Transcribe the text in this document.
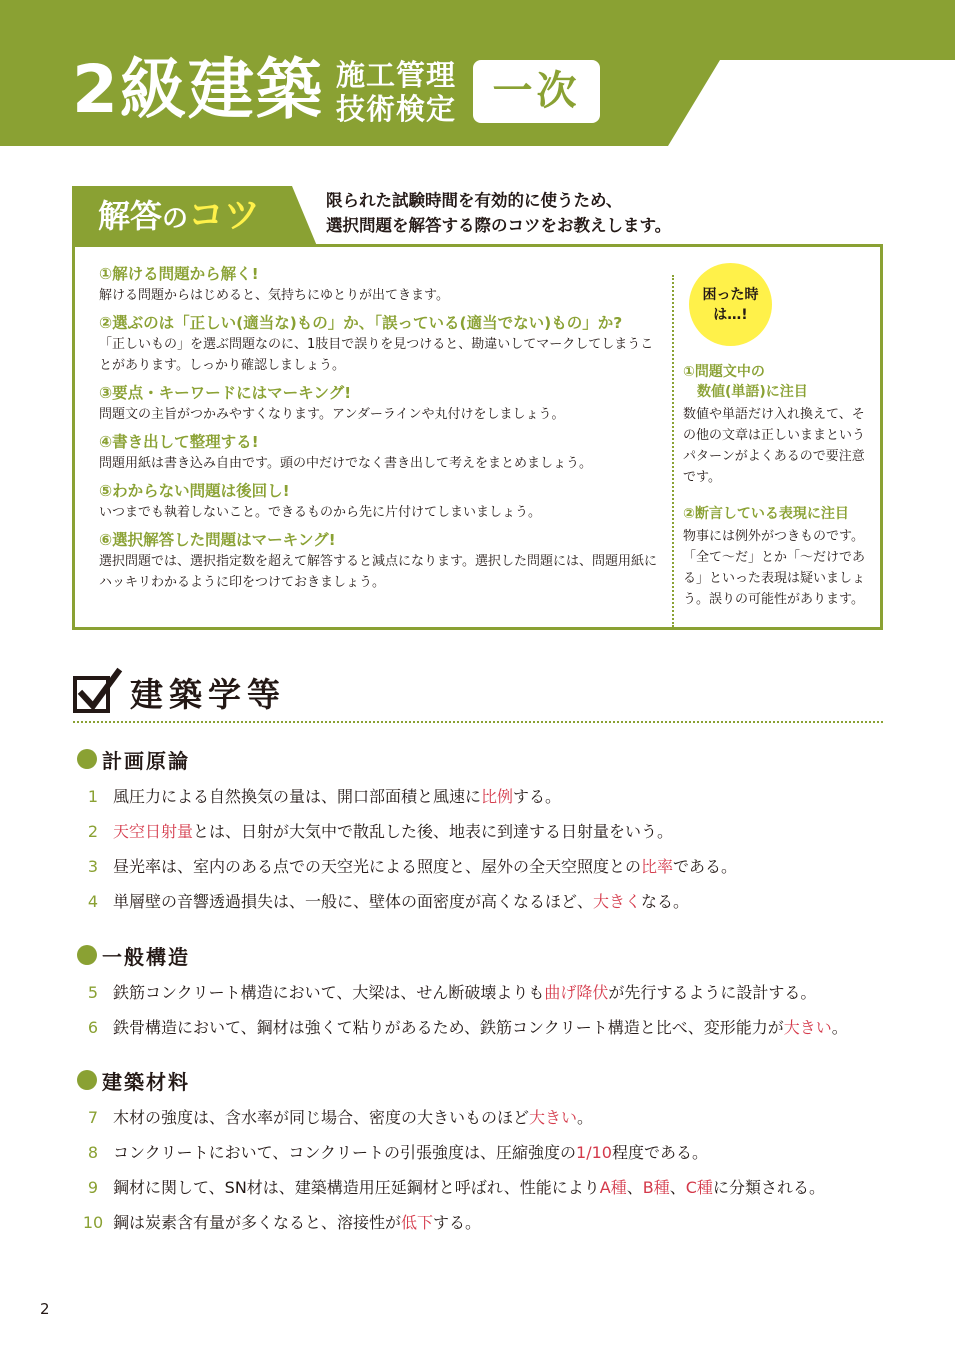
2級建築 施工管理
技術検定 一次
解答のコツ	限られた試験時間を有効的に使うため、
選択問題を解答する際のコツをお教えします。
①解ける問題から解く!
解ける問題からはじめると、気持ちにゆとりが出てきます。
②選ぶのは「正しい(適当な)もの」か、「誤っている(適当でない)もの」か?
「正しいもの」を選ぶ問題なのに、1肢目で誤りを見つけると、勘違いしてマークしてしまうことがあります。しっかり確認しましょう。
③要点・キーワードにはマーキング!
問題文の主旨がつかみやすくなります。アンダーラインや丸付けをしましょう。
④書き出して整理する!
問題用紙は書き込み自由です。頭の中だけでなく書き出して考えをまとめましょう。
⑤わからない問題は後回し!
いつまでも執着しないこと。できるものから先に片付けてしまいましょう。
⑥選択解答した問題はマーキング!
選択問題では、選択指定数を超えて解答すると減点になります。選択した問題には、問題用紙にハッキリわかるように印をつけておきましょう。
困った時
は…!
①問題文中の
数値(単語)に注目
数値や単語だけ入れ換えて、その他の文章は正しいままというパターンがよくあるので要注意です。
②断言している表現に注目
物事には例外がつきものです。「全て〜だ」とか「〜だけである」といった表現は疑いましょう。誤りの可能性があります。
建築学等
計画原論
1 風圧力による自然換気の量は、開口部面積と風速に比例する。
2 天空日射量とは、日射が大気中で散乱した後、地表に到達する日射量をいう。
3 昼光率は、室内のある点での天空光による照度と、屋外の全天空照度との比率である。
4 単層壁の音響透過損失は、一般に、壁体の面密度が高くなるほど、大きくなる。
一般構造
5 鉄筋コンクリート構造において、大梁は、せん断破壊よりも曲げ降伏が先行するように設計する。
6 鉄骨構造において、鋼材は強くて粘りがあるため、鉄筋コンクリート構造と比べ、変形能力が大きい。
建築材料
7 木材の強度は、含水率が同じ場合、密度の大きいものほど大きい。
8 コンクリートにおいて、コンクリートの引張強度は、圧縮強度の1/10程度である。
9 鋼材に関して、SN材は、建築構造用圧延鋼材と呼ばれ、性能によりA種、B種、C種に分類される。
10 鋼は炭素含有量が多くなると、溶接性が低下する。
2
